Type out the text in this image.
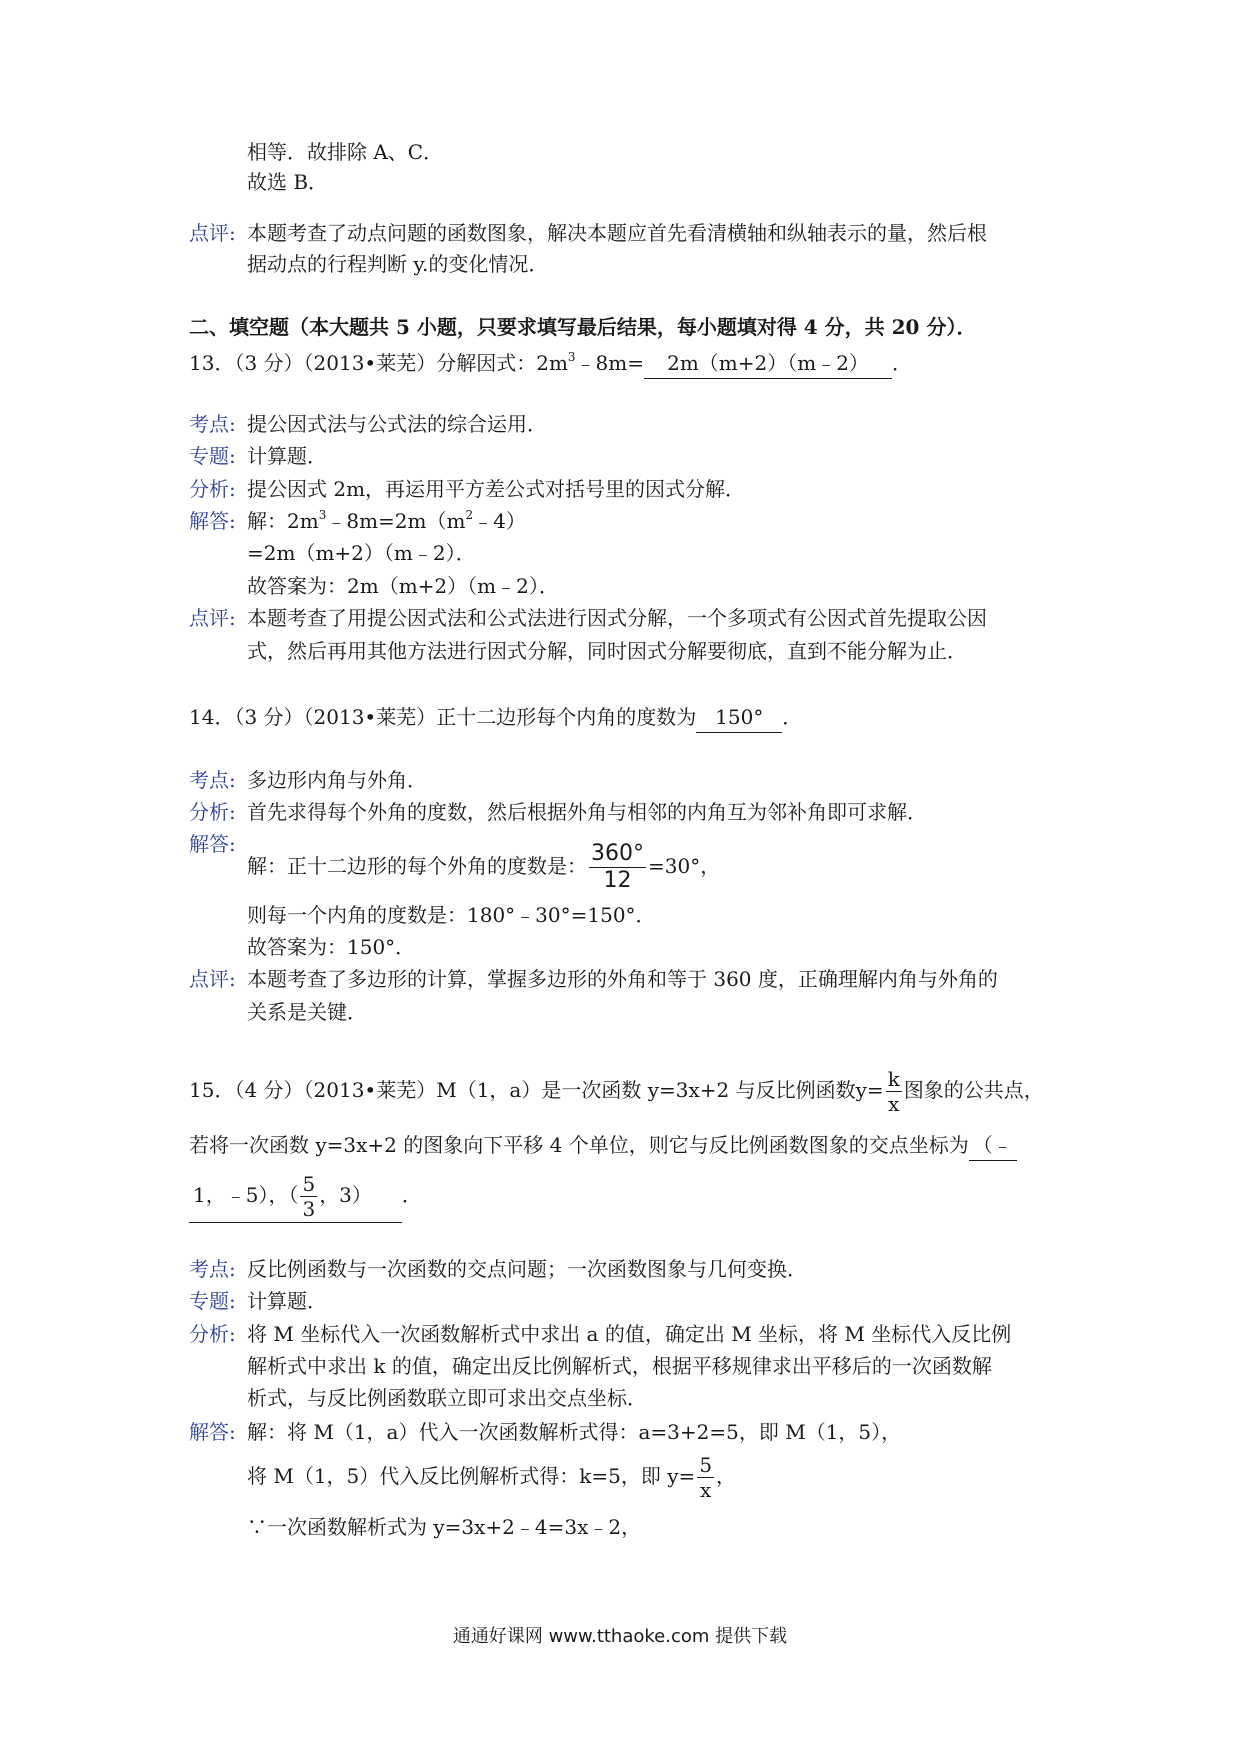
相等．故排除 A、C．
故选 B．
点评: 本题考查了动点问题的函数图象，解决本题应首先看清横轴和纵轴表示的量，然后根
据动点的行程判断 y.的变化情况．
二、填空题（本大题共 5 小题，只要求填写最后结果，每小题填对得 4 分，共 20 分）．
13．（3 分）（2013•莱芜）分解因式：$2m^3﹣8m=$ 2m（m+2）（m﹣2） ．
考点: 提公因式法与公式法的综合运用．
专题: 计算题．
分析: 提公因式 2m，再运用平方差公式对括号里的因式分解．
解答: 解：$2m^3﹣8m=2m(m^2﹣4)$
=2m（m+2）（m﹣2）．
故答案为：2m（m+2）（m﹣2）．
点评: 本题考查了用提公因式法和公式法进行因式分解，一个多项式有公因式首先提取公因
式，然后再用其他方法进行因式分解，同时因式分解要彻底，直到不能分解为止．
14．（3 分）（2013•莱芜）正十二边形每个内角的度数为 150° ．
考点: 多边形内角与外角．
分析: 首先求得每个外角的度数，然后根据外角与相邻的内角互为邻补角即可求解．
解答:
解：正十二边形的每个外角的度数是： $\frac{360^\circ}{12} =30^\circ$，
则每一个内角的度数是：180°﹣30°=150°．
故答案为：150°．
点评: 本题考查了多边形的计算，掌握多边形的外角和等于 360 度，正确理解内角与外角的
关系是关键．
15．（4 分）（2013•莱芜）M（1，a）是一次函数 y=3x+2 与反比例函数$y= \frac{k}{x}$ 图象的公共点，
若将一次函数 y=3x+2 的图象向下平移 4 个单位，则它与反比例函数图象的交点坐标为 （﹣
1，﹣5），（ $\frac{5}{3}$ ，3） ．
考点: 反比例函数与一次函数的交点问题；一次函数图象与几何变换．
专题: 计算题．
分析: 将 M 坐标代入一次函数解析式中求出 a 的值，确定出 M 坐标，将 M 坐标代入反比例
解析式中求出 k 的值，确定出反比例解析式，根据平移规律求出平移后的一次函数解
析式，与反比例函数联立即可求出交点坐标．
解答: 解：将 M（1，a）代入一次函数解析式得：a=3+2=5，即 M（1，5），
将 M（1，5）代入反比例解析式得：k=5，即 $y= \frac{5}{x}$ ，
∵一次函数解析式为 y=3x+2﹣4=3x﹣2，
通通好课网 www.tthaoke.com 提供下载
